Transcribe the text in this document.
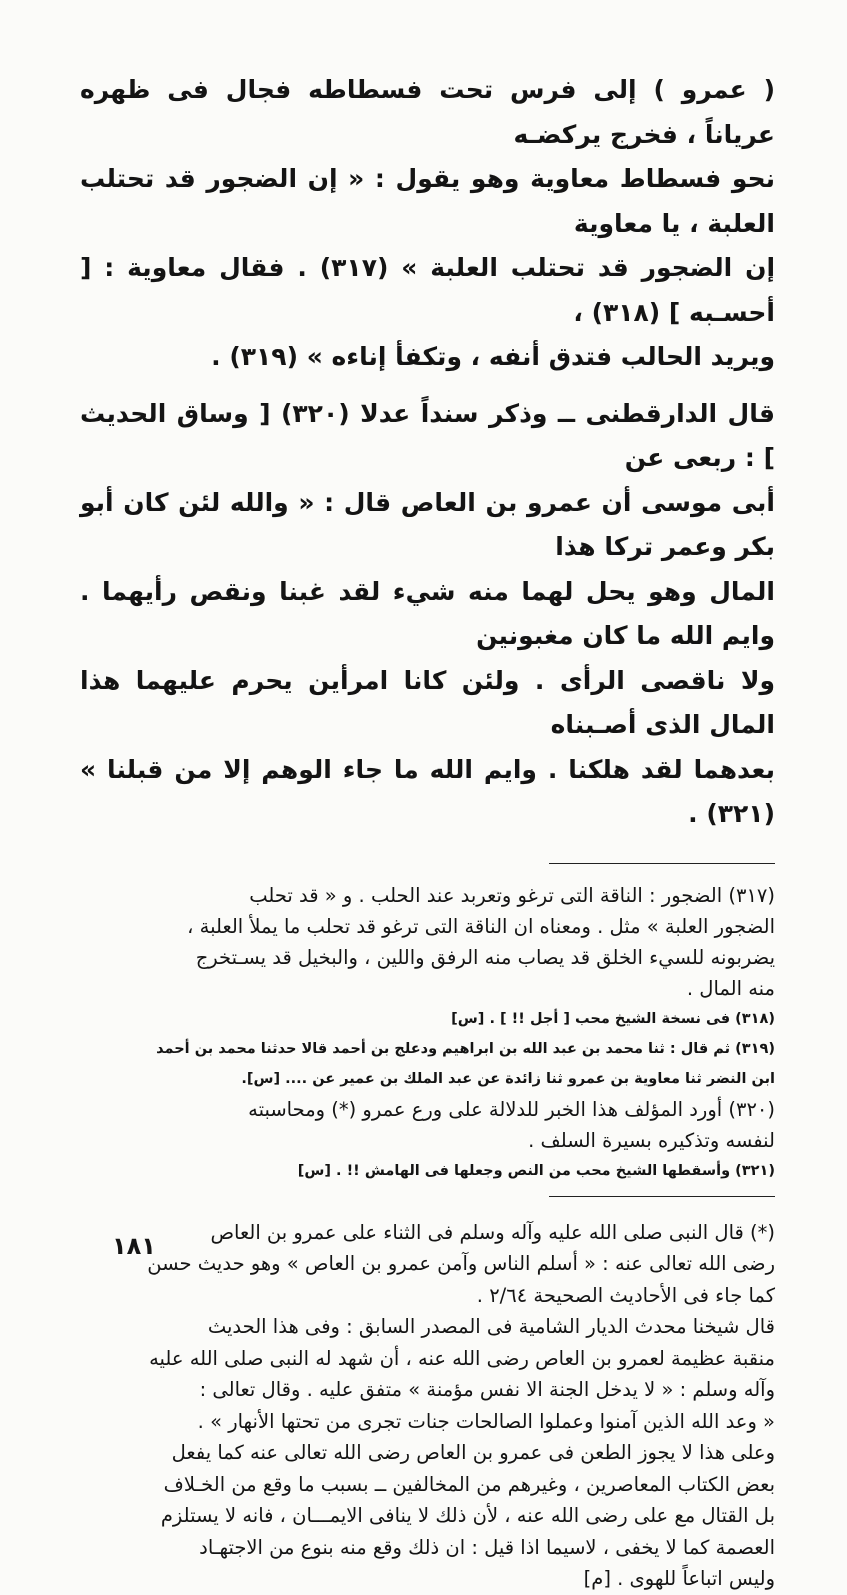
( عمرو ) إلى فرس تحت فسطاطه فجال فى ظهره عرياناً ، فخرج يركضـه
نحو فسطاط معاوية وهو يقول : « إن الضجور قد تحتلب العلبة ، يا معاوية
إن الضجور قد تحتلب العلبة » (٣١٧) . فقال معاوية : [ أحسـبه ] (٣١٨) ،
ويريد الحالب فتدق أنفه ، وتكفأ إناءه » (٣١٩) .

قال الدارقطنى ــ وذكر سنداً عدلا (٣٢٠) [ وساق الحديث ] : ربعى عن
أبى موسى أن عمرو بن العاص قال : « والله لئن كان أبو بكر وعمر تركا هذا
المال وهو يحل لهما منه شيء لقد غبنا ونقص رأيهما . وايم الله ما كان مغبونين
ولا ناقصى الرأى . ولئن كانا امرأين يحرم عليهما هذا المال الذى أصـبناه
بعدهما لقد هلكنا . وايم الله ما جاء الوهم إلا من قبلنا » (٣٢١) .

(٣١٧) الضجور : الناقة التى ترغو وتعربد عند الحلب . و « قد تحلب
الضجور العلبة » مثل . ومعناه ان الناقة التى ترغو قد تحلب ما يملأ العلبة ،
يضربونه للسيء الخلق قد يصاب منه الرفق واللين ، والبخيل قد يسـتخرج
منه المال .

(٣١٨) فى نسخة الشيخ محب [ أجل !! ] . [س]

(٣١٩) ثم قال : ثنا محمد بن عبد الله بن ابراهيم ودعلج بن أحمد قالا حدثنا محمد بن أحمد
ابن النضر ثنا معاوية بن عمرو ثنا زائدة عن عبد الملك بن عمير عن .... [س].

(٣٢٠) أورد المؤلف هذا الخبر للدلالة على ورع عمرو (*) ومحاسبته
لنفسه وتذكيره بسيرة السلف .

(٣٢١) وأسقطها الشيخ محب من النص وجعلها فى الهامش !! . [س]

(*) قال النبى صلى الله عليه وآله وسلم فى الثناء على عمرو بن العاص
رضى الله تعالى عنه : « أسلم الناس وآمن عمرو بن العاص » وهو حديث حسن
كما جاء فى الأحاديث الصحيحة ٢/٦٤ .

قال شيخنا محدث الديار الشامية فى المصدر السابق : وفى هذا الحديث
منقبة عظيمة لعمرو بن العاص رضى الله عنه ، أن شهد له النبى صلى الله عليه
وآله وسلم : « لا يدخل الجنة الا نفس مؤمنة » متفق عليه . وقال تعالى :
« وعد الله الذين آمنوا وعملوا الصالحات جنات تجرى من تحتها الأنهار » .

وعلى هذا لا يجوز الطعن فى عمرو بن العاص رضى الله تعالى عنه كما يفعل
بعض الكتاب المعاصرين ، وغيرهم من المخالفين ــ بسبب ما وقع من الخـلاف
بل القتال مع على رضى الله عنه ، لأن ذلك لا ينافى الايمـــان ، فانه لا يستلزم
العصمة كما لا يخفى ، لاسيما اذا قيل : ان ذلك وقع منه بنوع من الاجتهـاد
وليس اتباعاً للهوى . [م]

١٨١
